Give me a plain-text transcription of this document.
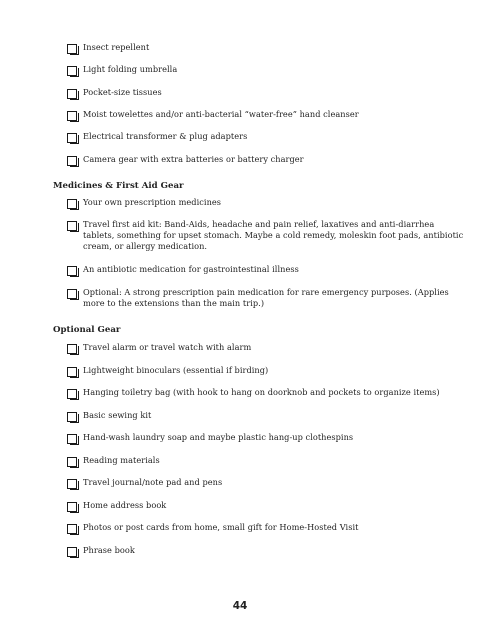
Insect repellent
Light folding umbrella
Pocket-size tissues
Moist towelettes and/or anti-bacterial “water-free” hand cleanser
Electrical transformer & plug adapters
Camera gear with extra batteries or battery charger
Medicines & First Aid Gear
Your own prescription medicines
Travel first aid kit: Band-Aids, headache and pain relief, laxatives and anti-diarrhea tablets, something for upset stomach. Maybe a cold remedy, moleskin foot pads, antibiotic cream, or allergy medication.
An antibiotic medication for gastrointestinal illness
Optional: A strong prescription pain medication for rare emergency purposes. (Applies more to the extensions than the main trip.)
Optional Gear
Travel alarm or travel watch with alarm
Lightweight binoculars (essential if birding)
Hanging toiletry bag (with hook to hang on doorknob and pockets to organize items)
Basic sewing kit
Hand-wash laundry soap and maybe plastic hang-up clothespins
Reading materials
Travel journal/note pad and pens
Home address book
Photos or post cards from home, small gift for Home-Hosted Visit
Phrase book
44
